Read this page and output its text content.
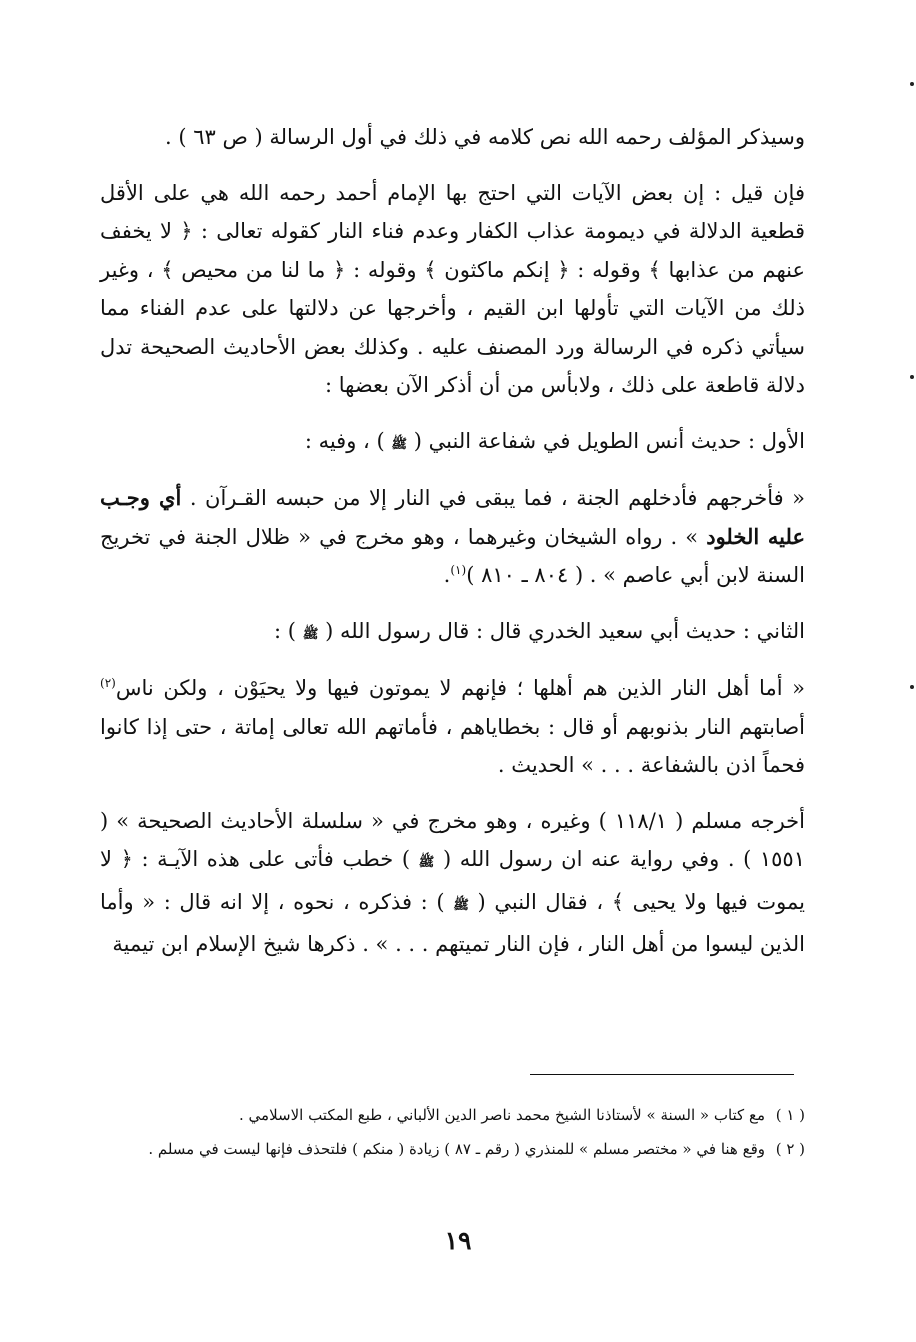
وسيذكر المؤلف رحمه الله نص كلامه في ذلك في أول الرسالة ( ص ٦٣ ) .

فإن قيل : إن بعض الآيات التي احتج بها الإمام أحمد رحمه الله هي على الأقل قطعية الدلالة في ديمومة عذاب الكفار وعدم فناء النار كقوله تعالى : ﴿ لا يخفف عنهم من عذابها ﴾ وقوله : ﴿ إنكم ماكثون ﴾ وقوله : ﴿ ما لنا من محيص ﴾ ، وغير ذلك من الآيات التي تأولها ابن القيم ، وأخرجها عن دلالتها على عدم الفناء مما سيأتي ذكره في الرسالة ورد المصنف عليه . وكذلك بعض الأحاديث الصحيحة تدل دلالة قاطعة على ذلك ، ولابأس من أن أذكر الآن بعضها :

الأول : حديث أنس الطويل في شفاعة النبي ( ﷺ ) ، وفيه :

« فأخرجهم فأدخلهم الجنة ، فما يبقى في النار إلا من حبسه القـرآن . أي وجـب عليه الخلود » . رواه الشيخان وغيرهما ، وهو مخرج في « ظلال الجنة في تخريج السنة لابن أبي عاصم » . ( ٨٠٤ ـ ٨١٠ )$^{(١)}$.

الثاني : حديث أبي سعيد الخدري قال : قال رسول الله ( ﷺ ) :

« أما أهل النار الذين هم أهلها ؛ فإنهم لا يموتون فيها ولا يحيَوْن ، ولكن ناس$^{(٢)}$ أصابتهم النار بذنوبهم أو قال : بخطاياهم ، فأماتهم الله تعالى إماتة ، حتى إذا كانوا فحماً اذن بالشفاعة . . . » الحديث .

أخرجه مسلم ( ١١٨/١ ) وغيره ، وهو مخرج في « سلسلة الأحاديث الصحيحة » ( ١٥٥١ ) . وفي رواية عنه ان رسول الله ( ﷺ ) خطب فأتى على هذه الآيـة : ﴿ لا يموت فيها ولا يحيى ﴾ ، فقال النبي ( ﷺ ) : فذكره ، نحوه ، إلا انه قال : « وأما الذين ليسوا من أهل النار ، فإن النار تميتهم . . . » . ذكرها شيخ الإسلام ابن تيمية

( ١ )
مع كتاب « السنة » لأستاذنا الشيخ محمد ناصر الدين الألباني ، طبع المكتب الاسلامي .

( ٢ )
وقع هنا في « مختصر مسلم » للمنذري ( رقم ـ ٨٧ ) زيادة ( منكم ) فلتحذف فإنها ليست في مسلم .

١٩
